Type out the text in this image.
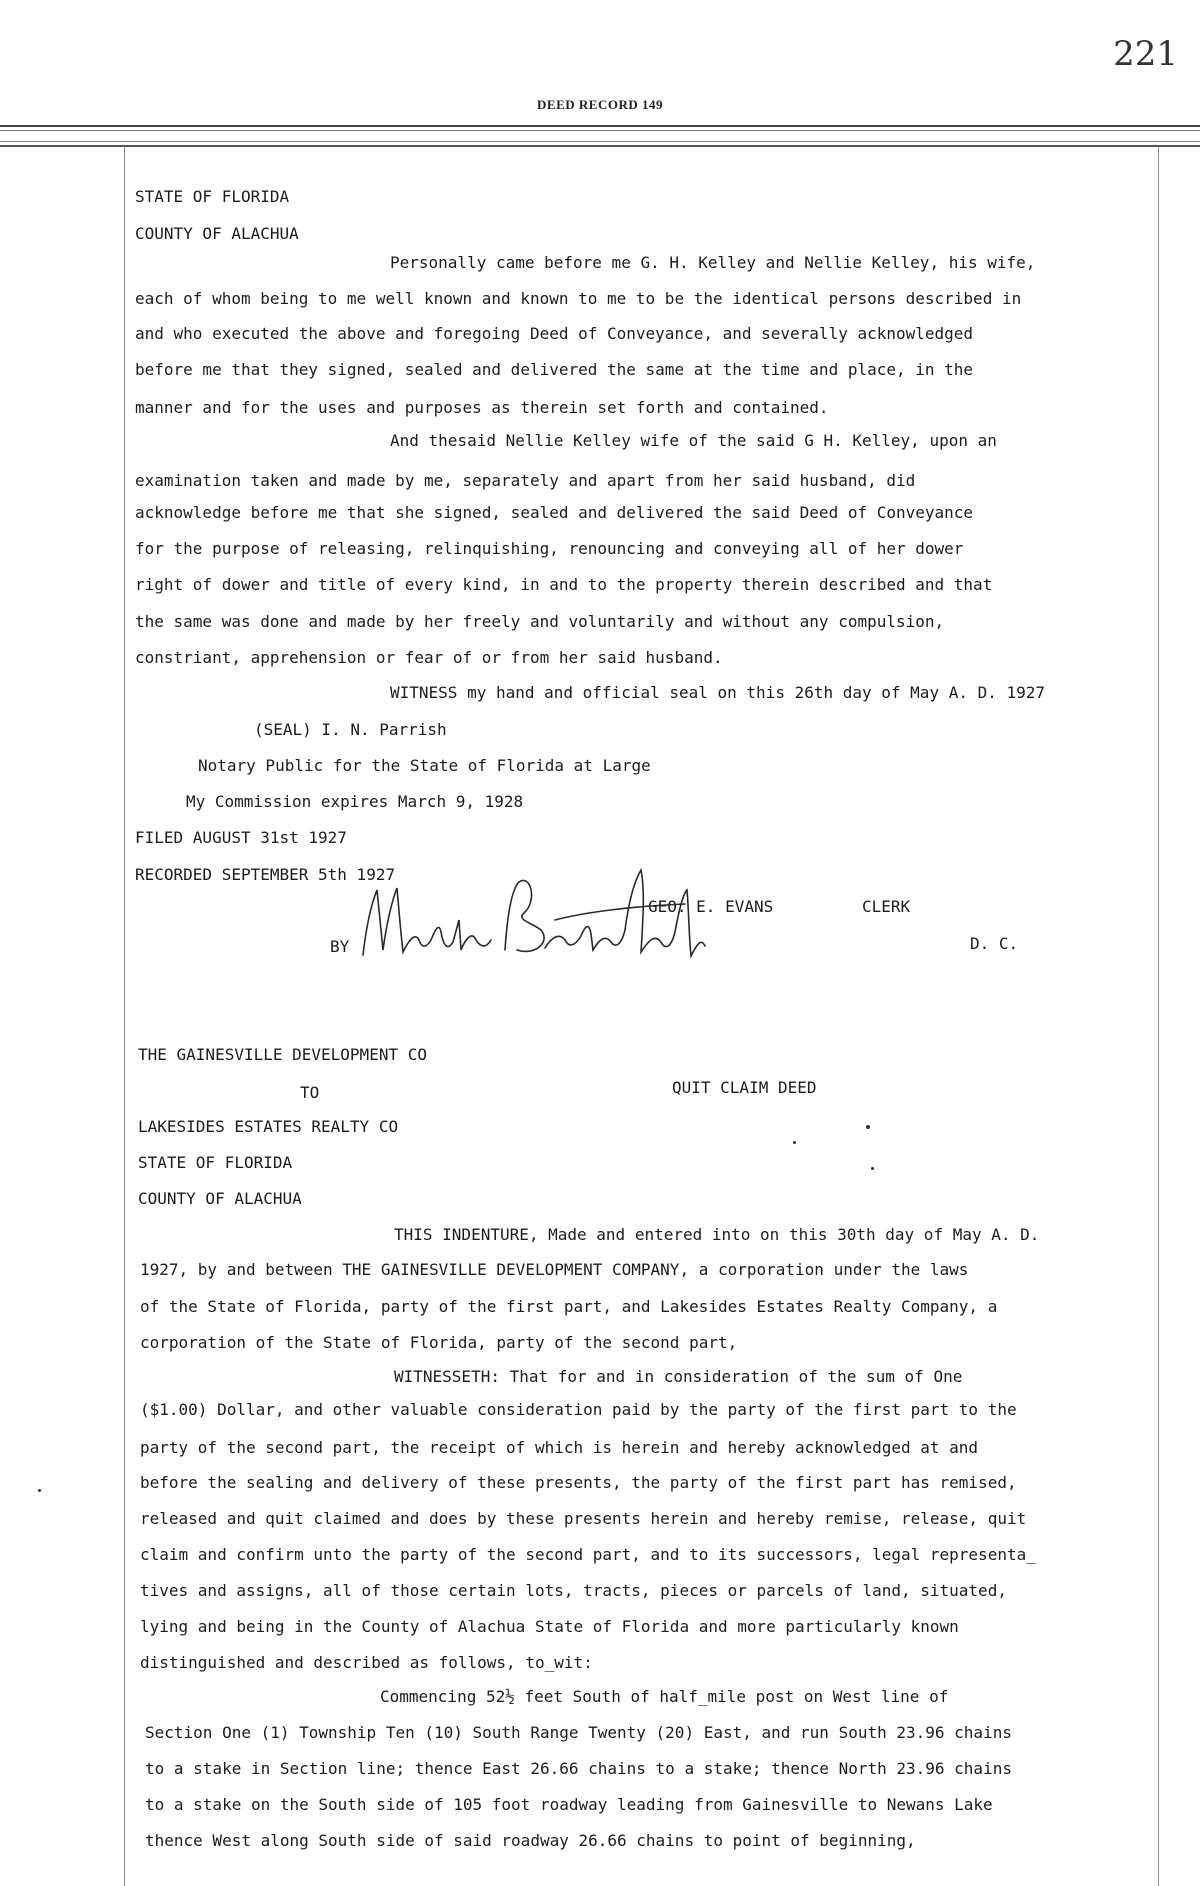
221
DEED RECORD 149
STATE OF FLORIDA
COUNTY OF ALACHUA
Personally came before me G. H. Kelley and Nellie Kelley, his wife,
each of whom being to me well known and known to me to be the identical persons described in
and who executed the above and foregoing Deed of Conveyance, and severally acknowledged
before me that they signed, sealed and delivered the same at the time and place, in the
manner and for the uses and purposes as therein set forth and contained.
And thesaid Nellie Kelley wife of the said G H. Kelley, upon an
examination taken and made by me, separately and apart from her said husband, did
acknowledge before me that she signed, sealed and delivered the said Deed of Conveyance
for the purpose of releasing, relinquishing, renouncing and conveying all of her dower
right of dower and title of every kind, in and to the property therein described and that
the same was done and made by her freely and voluntarily and without any compulsion,
constriant, apprehension or fear of or from her said husband.
WITNESS my hand and official seal on this 26th day of May A. D. 1927
(SEAL) I. N. Parrish
Notary Public for the State of Florida at Large
My Commission expires March 9, 1928
FILED AUGUST 31st 1927
RECORDED SEPTEMBER 5th 1927
GEO. E. EVANS	CLERK
BY	D. C.
THE GAINESVILLE DEVELOPMENT CO
TO	QUIT CLAIM DEED
LAKESIDES ESTATES REALTY CO
STATE OF FLORIDA
COUNTY OF ALACHUA
THIS INDENTURE, Made and entered into on this 30th day of May A. D.
1927, by and between THE GAINESVILLE DEVELOPMENT COMPANY, a corporation under the laws
of the State of Florida, party of the first part, and Lakesides Estates Realty Company, a
corporation of the State of Florida, party of the second part,
WITNESSETH: That for and in consideration of the sum of One
($1.00) Dollar, and other valuable consideration paid by the party of the first part to the
party of the second part, the receipt of which is herein and hereby acknowledged at and
before the sealing and delivery of these presents, the party of the first part has remised,
released and quit claimed and does by these presents herein and hereby remise, release, quit
claim and confirm unto the party of the second part, and to its successors, legal representa_
tives and assigns, all of those certain lots, tracts, pieces or parcels of land, situated,
lying and being in the County of Alachua State of Florida and more particularly known
distinguished and described as follows, to_wit:
Commencing 52½ feet South of half_mile post on West line of
Section One (1) Township Ten (10) South Range Twenty (20) East, and run South 23.96 chains
to a stake in Section line; thence East 26.66 chains to a stake; thence North 23.96 chains
to a stake on the South side of 105 foot roadway leading from Gainesville to Newans Lake
thence West along South side of said roadway 26.66 chains to point of beginning,
